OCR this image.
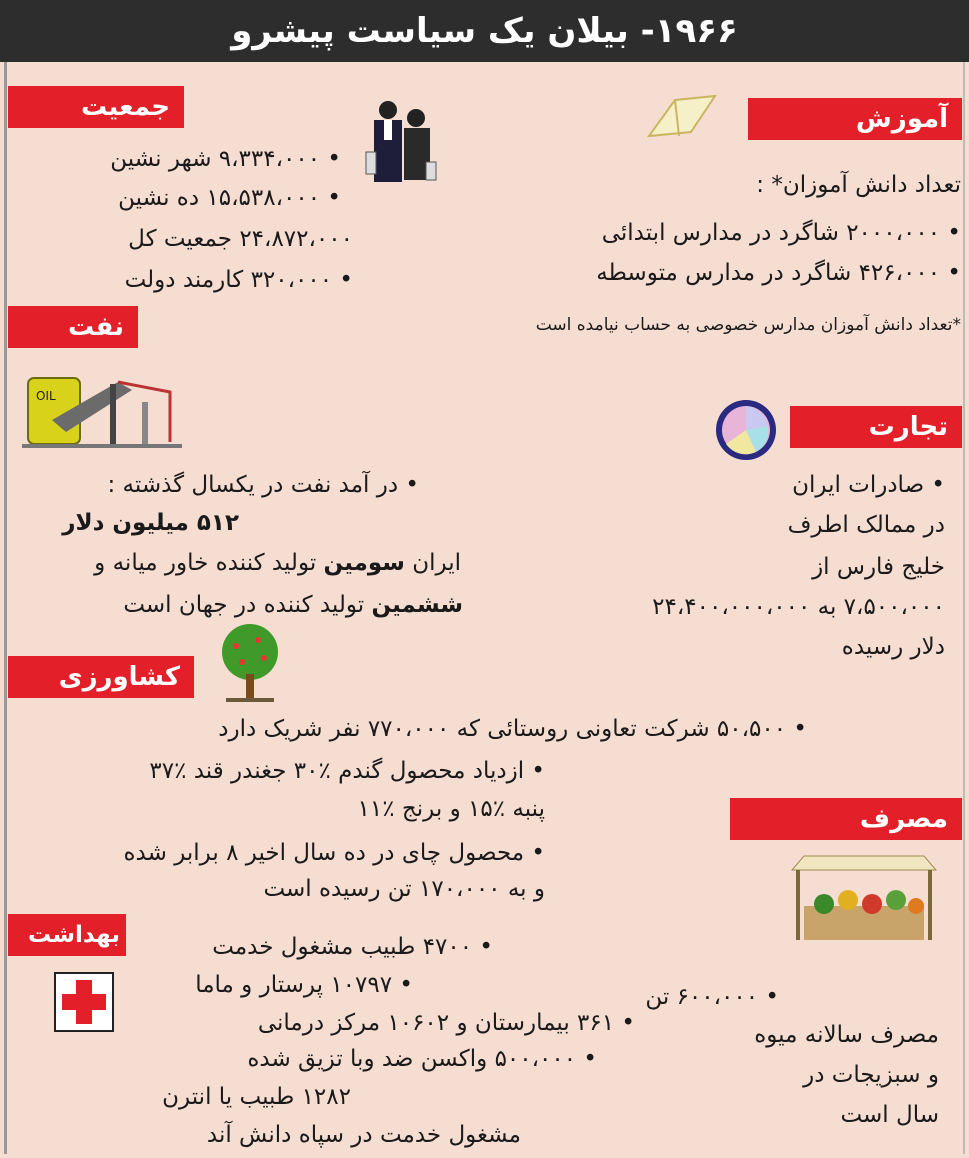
۱۹۶۶- بیلان یک سیاست پیشرو
جمعیت
• ۹،۳۳۴،۰۰۰ شهر نشین
• ۱۵،۵۳۸،۰۰۰ ده نشین
۲۴،۸۷۲،۰۰۰ جمعیت کل
• ۳۲۰،۰۰۰ کارمند دولت
آموزش
تعداد دانش آموزان* :
• ۲۰۰۰،۰۰۰ شاگرد در مدارس ابتدائی
• ۴۲۶،۰۰۰ شاگرد در مدارس متوسطه
*تعداد دانش آموزان مدارس خصوصی به حساب نیامده است
نفت
OIL
• در آمد نفت در یکسال گذشته :
۵۱۲ میلیون دلار
ایران سومین تولید کننده خاور میانه و
ششمین تولید کننده در جهان است
تجارت
• صادرات ایران
در ممالک اطرف
خلیج فارس از
۷،۵۰۰،۰۰۰ به ۲۴،۴۰۰،۰۰۰،۰۰۰
دلار رسیده
کشاورزی
• ۵۰،۵۰۰ شرکت تعاونی روستائی که ۷۷۰،۰۰۰ نفر شریک دارد
• ازدیاد محصول گندم ٪۳۰ جغندر قند ٪۳۷
پنبه ٪۱۵ و برنج ٪۱۱
• محصول چای در ده سال اخیر ۸ برابر شده
و به ۱۷۰،۰۰۰ تن رسیده است
مصرف
• ۶۰۰،۰۰۰ تن
مصرف سالانه میوه
و سبزیجات در
سال است
بهداشت
•	۴۷۰۰ طبیب مشغول خدمت
• ۱۰۷۹۷ پرستار و ماما
• ۳۶۱ بیمارستان و ۱۰۶۰۲ مرکز درمانی
• ۵۰۰،۰۰۰ واکسن ضد وبا تزیق شده
۱۲۸۲ طبیب یا انترن
مشغول خدمت در سپاه دانش آند
